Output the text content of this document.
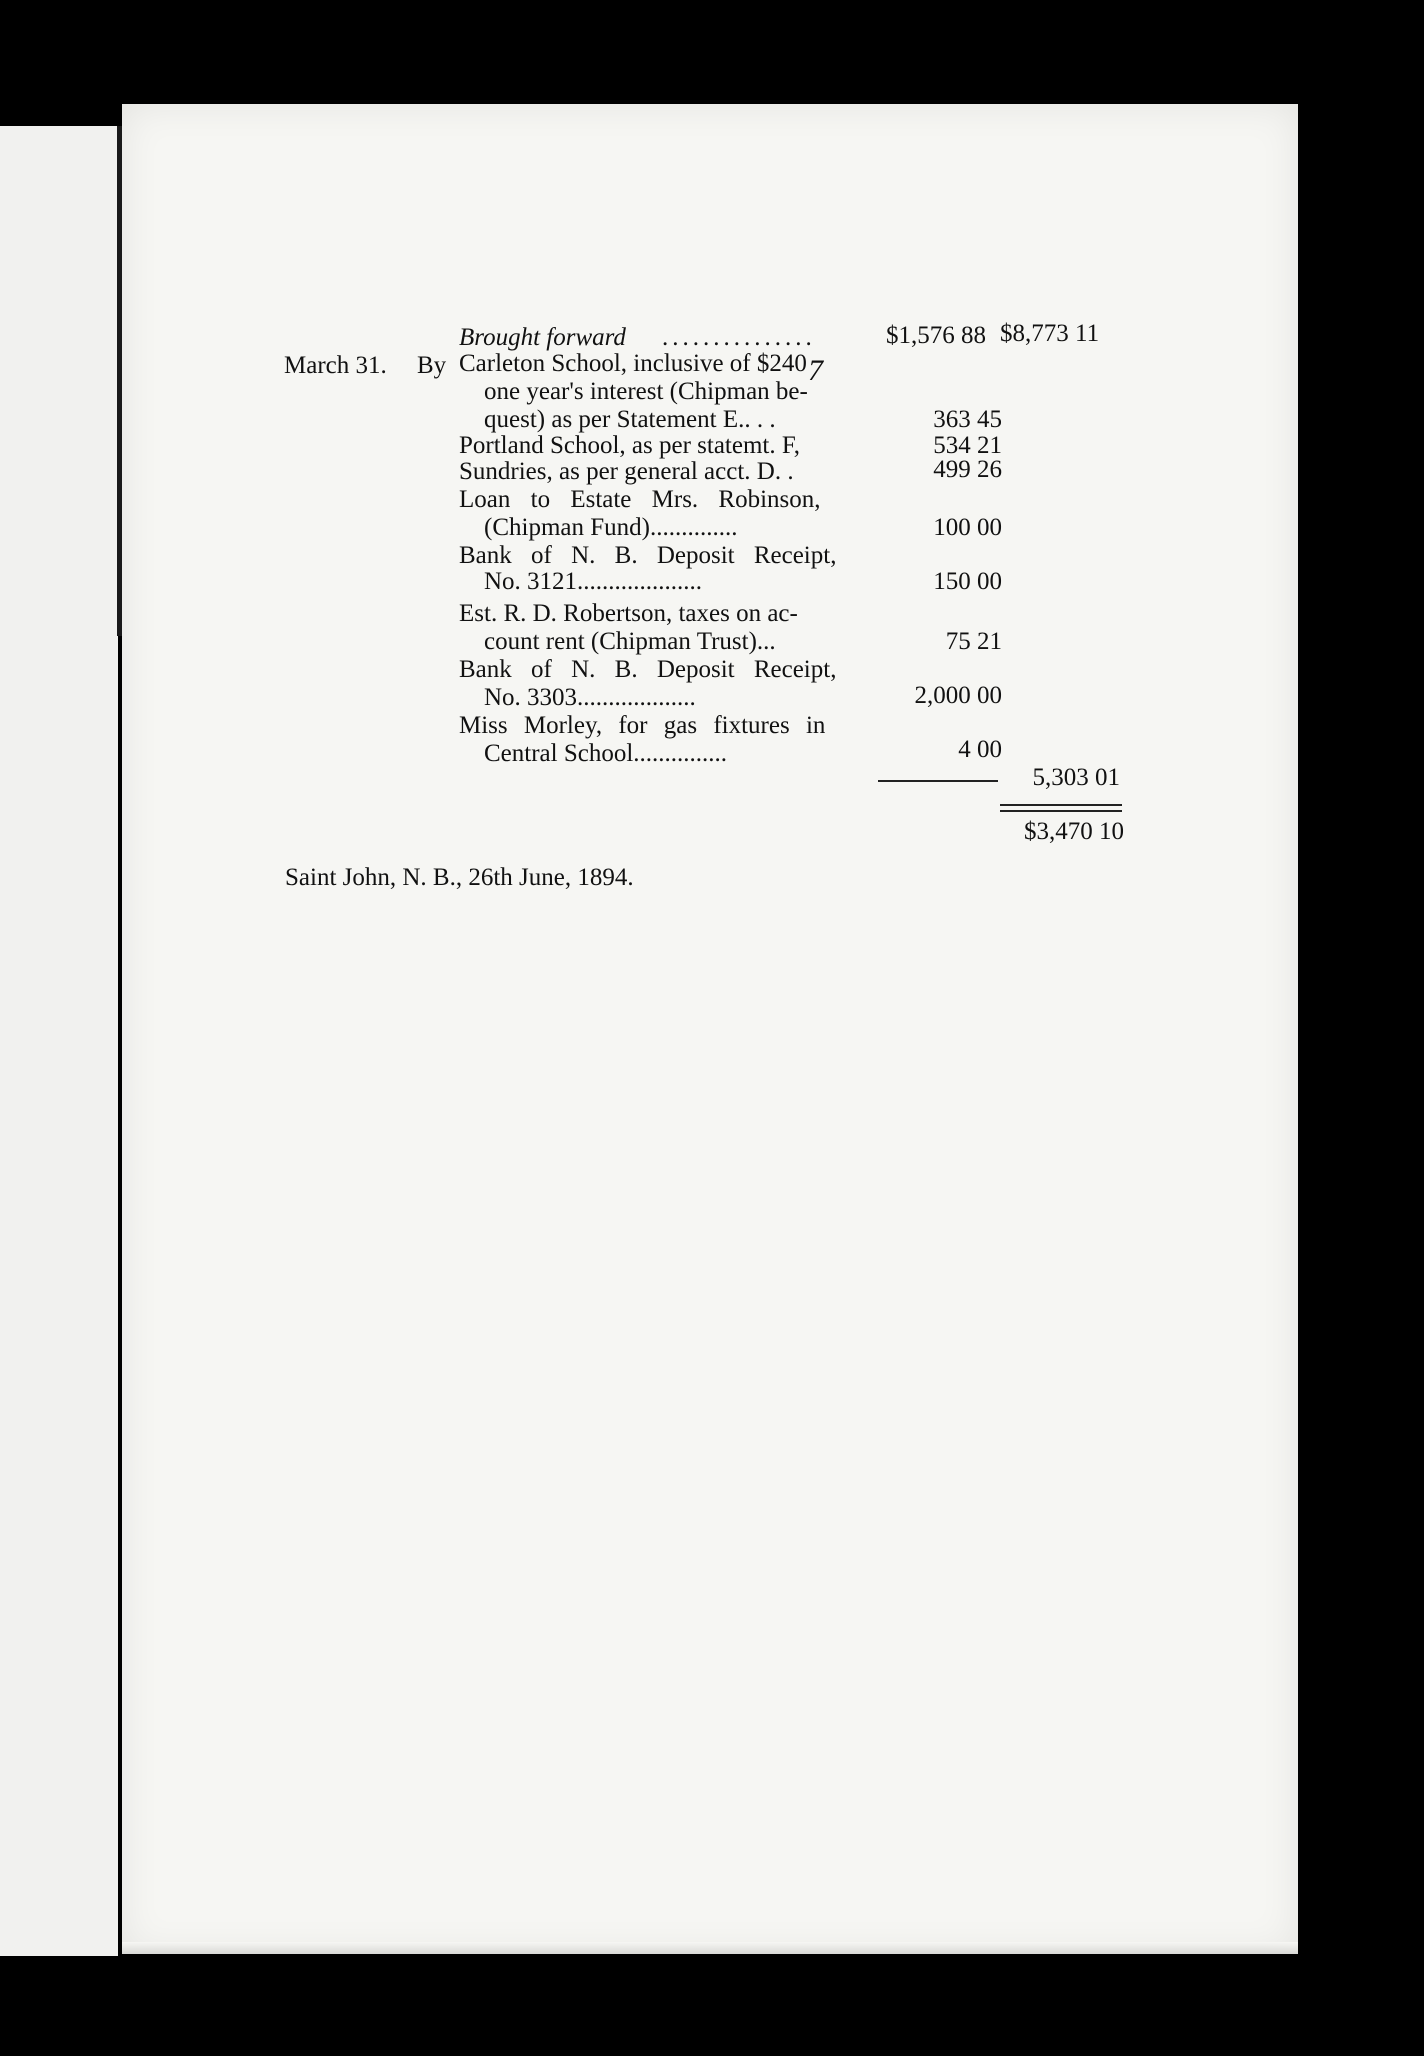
7
Brought forward ...............	$1,576 88 $8,773 11
March 31. By Carleton School, inclusive of $240
one year's interest (Chipman be-
quest) as per Statement E.. . .	363 45
Portland School, as per statemt. F,	534 21
Sundries, as per general acct. D. .	499 26
Loan to Estate Mrs. Robinson,
(Chipman Fund)..............	100 00
Bank of N. B. Deposit Receipt,
No. 3121....................	150 00
Est. R. D. Robertson, taxes on ac-
count rent (Chipman Trust)...	75 21
Bank of N. B. Deposit Receipt,
No. 3303...................	2,000 00
Miss Morley, for gas fixtures in
Central School...............	4 00
5,303 01
$3,470 10
Saint John, N. B., 26th June, 1894.
